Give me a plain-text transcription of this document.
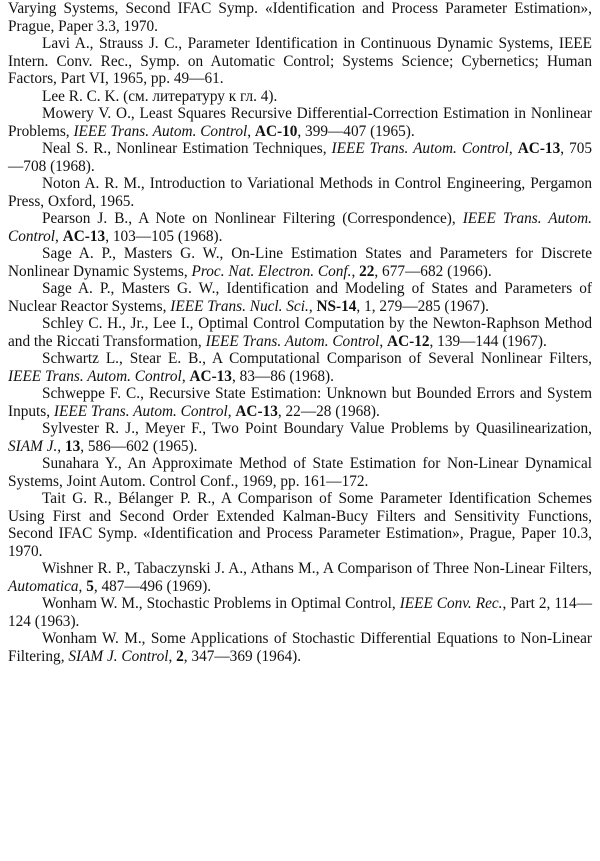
Varying Systems, Second IFAC Symp. «Identification and Process Parameter Estimation», Prague, Paper 3.3, 1970.

Lavi A., Strauss J. C., Parameter Identification in Continuous Dynamic Systems, IEEE Intern. Conv. Rec., Symp. on Automatic Control; Systems Science; Cybernetics; Human Factors, Part VI, 1965, pp. 49—61.

Lee R. C. K. (см. литературу к гл. 4).

Mowery V. O., Least Squares Recursive Differential-Correction Estimation in Nonlinear Problems, IEEE Trans. Autom. Control, AC-10, 399—407 (1965).

Neal S. R., Nonlinear Estimation Techniques, IEEE Trans. Autom. Control, AC-13, 705—708 (1968).

Noton A. R. M., Introduction to Variational Methods in Control Engineering, Pergamon Press, Oxford, 1965.

Pearson J. B., A Note on Nonlinear Filtering (Correspondence), IEEE Trans. Autom. Control, AC-13, 103—105 (1968).

Sage A. P., Masters G. W., On-Line Estimation States and Parameters for Discrete Nonlinear Dynamic Systems, Proc. Nat. Electron. Conf., 22, 677—682 (1966).

Sage A. P., Masters G. W., Identification and Modeling of States and Parameters of Nuclear Reactor Systems, IEEE Trans. Nucl. Sci., NS-14, 1, 279—285 (1967).

Schley C. H., Jr., Lee I., Optimal Control Computation by the Newton-Raphson Method and the Riccati Transformation, IEEE Trans. Autom. Control, AC-12, 139—144 (1967).

Schwartz L., Stear E. B., A Computational Comparison of Several Nonlinear Filters, IEEE Trans. Autom. Control, AC-13, 83—86 (1968).

Schweppe F. C., Recursive State Estimation: Unknown but Bounded Errors and System Inputs, IEEE Trans. Autom. Control, AC-13, 22—28 (1968).

Sylvester R. J., Meyer F., Two Point Boundary Value Problems by Quasilinearization, SIAM J., 13, 586—602 (1965).

Sunahara Y., An Approximate Method of State Estimation for Non-Linear Dynamical Systems, Joint Autom. Control Conf., 1969, pp. 161—172.

Tait G. R., Bélanger P. R., A Comparison of Some Parameter Identification Schemes Using First and Second Order Extended Kalman-Bucy Filters and Sensitivity Functions, Second IFAC Symp. «Identification and Process Parameter Estimation», Prague, Paper 10.3, 1970.

Wishner R. P., Tabaczynski J. A., Athans M., A Comparison of Three Non-Linear Filters, Automatica, 5, 487—496 (1969).

Wonham W. M., Stochastic Problems in Optimal Control, IEEE Conv. Rec., Part 2, 114—124 (1963).

Wonham W. M., Some Applications of Stochastic Differential Equations to Non-Linear Filtering, SIAM J. Control, 2, 347—369 (1964).
